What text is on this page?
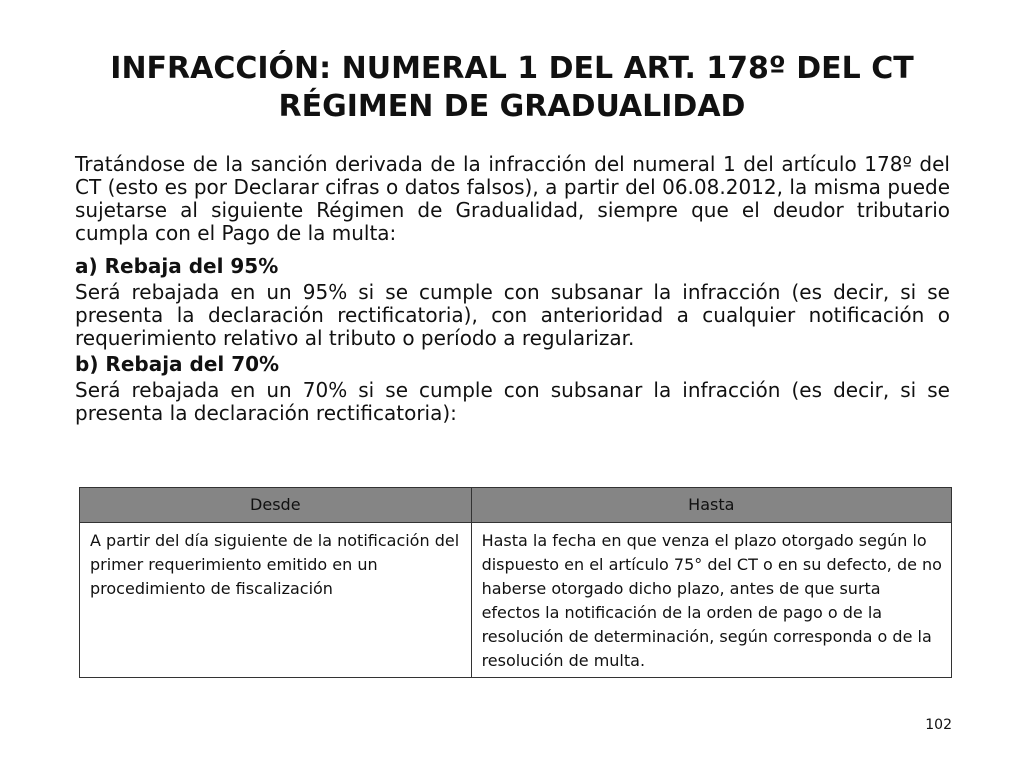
INFRACCIÓN: NUMERAL 1 DEL ART. 178º DEL CT
RÉGIMEN DE GRADUALIDAD

Tratándose de la sanción derivada de la infracción del numeral 1 del artículo 178º del CT (esto es por Declarar cifras o datos falsos), a partir del 06.08.2012, la misma puede sujetarse al siguiente Régimen de Gradualidad, siempre que el deudor tributario cumpla con el Pago de la multa:

a) Rebaja del 95%

Será rebajada en un 95% si se cumple con subsanar la infracción (es decir, si se presenta la declaración rectificatoria), con anterioridad a cualquier notificación o requerimiento relativo al tributo o período a regularizar.

b) Rebaja del 70%

Será rebajada en un 70% si se cumple con subsanar la infracción (es decir, si se presenta la declaración rectificatoria):

Desde	Hasta
A partir del día siguiente de la notificación del primer requerimiento emitido en un procedimiento de fiscalización	Hasta la fecha en que venza el plazo otorgado según lo dispuesto en el artículo 75° del CT o en su defecto, de no haberse otorgado dicho plazo, antes de que surta efectos la notificación de la orden de pago o de la resolución de determinación, según corresponda o de la resolución de multa.
102
